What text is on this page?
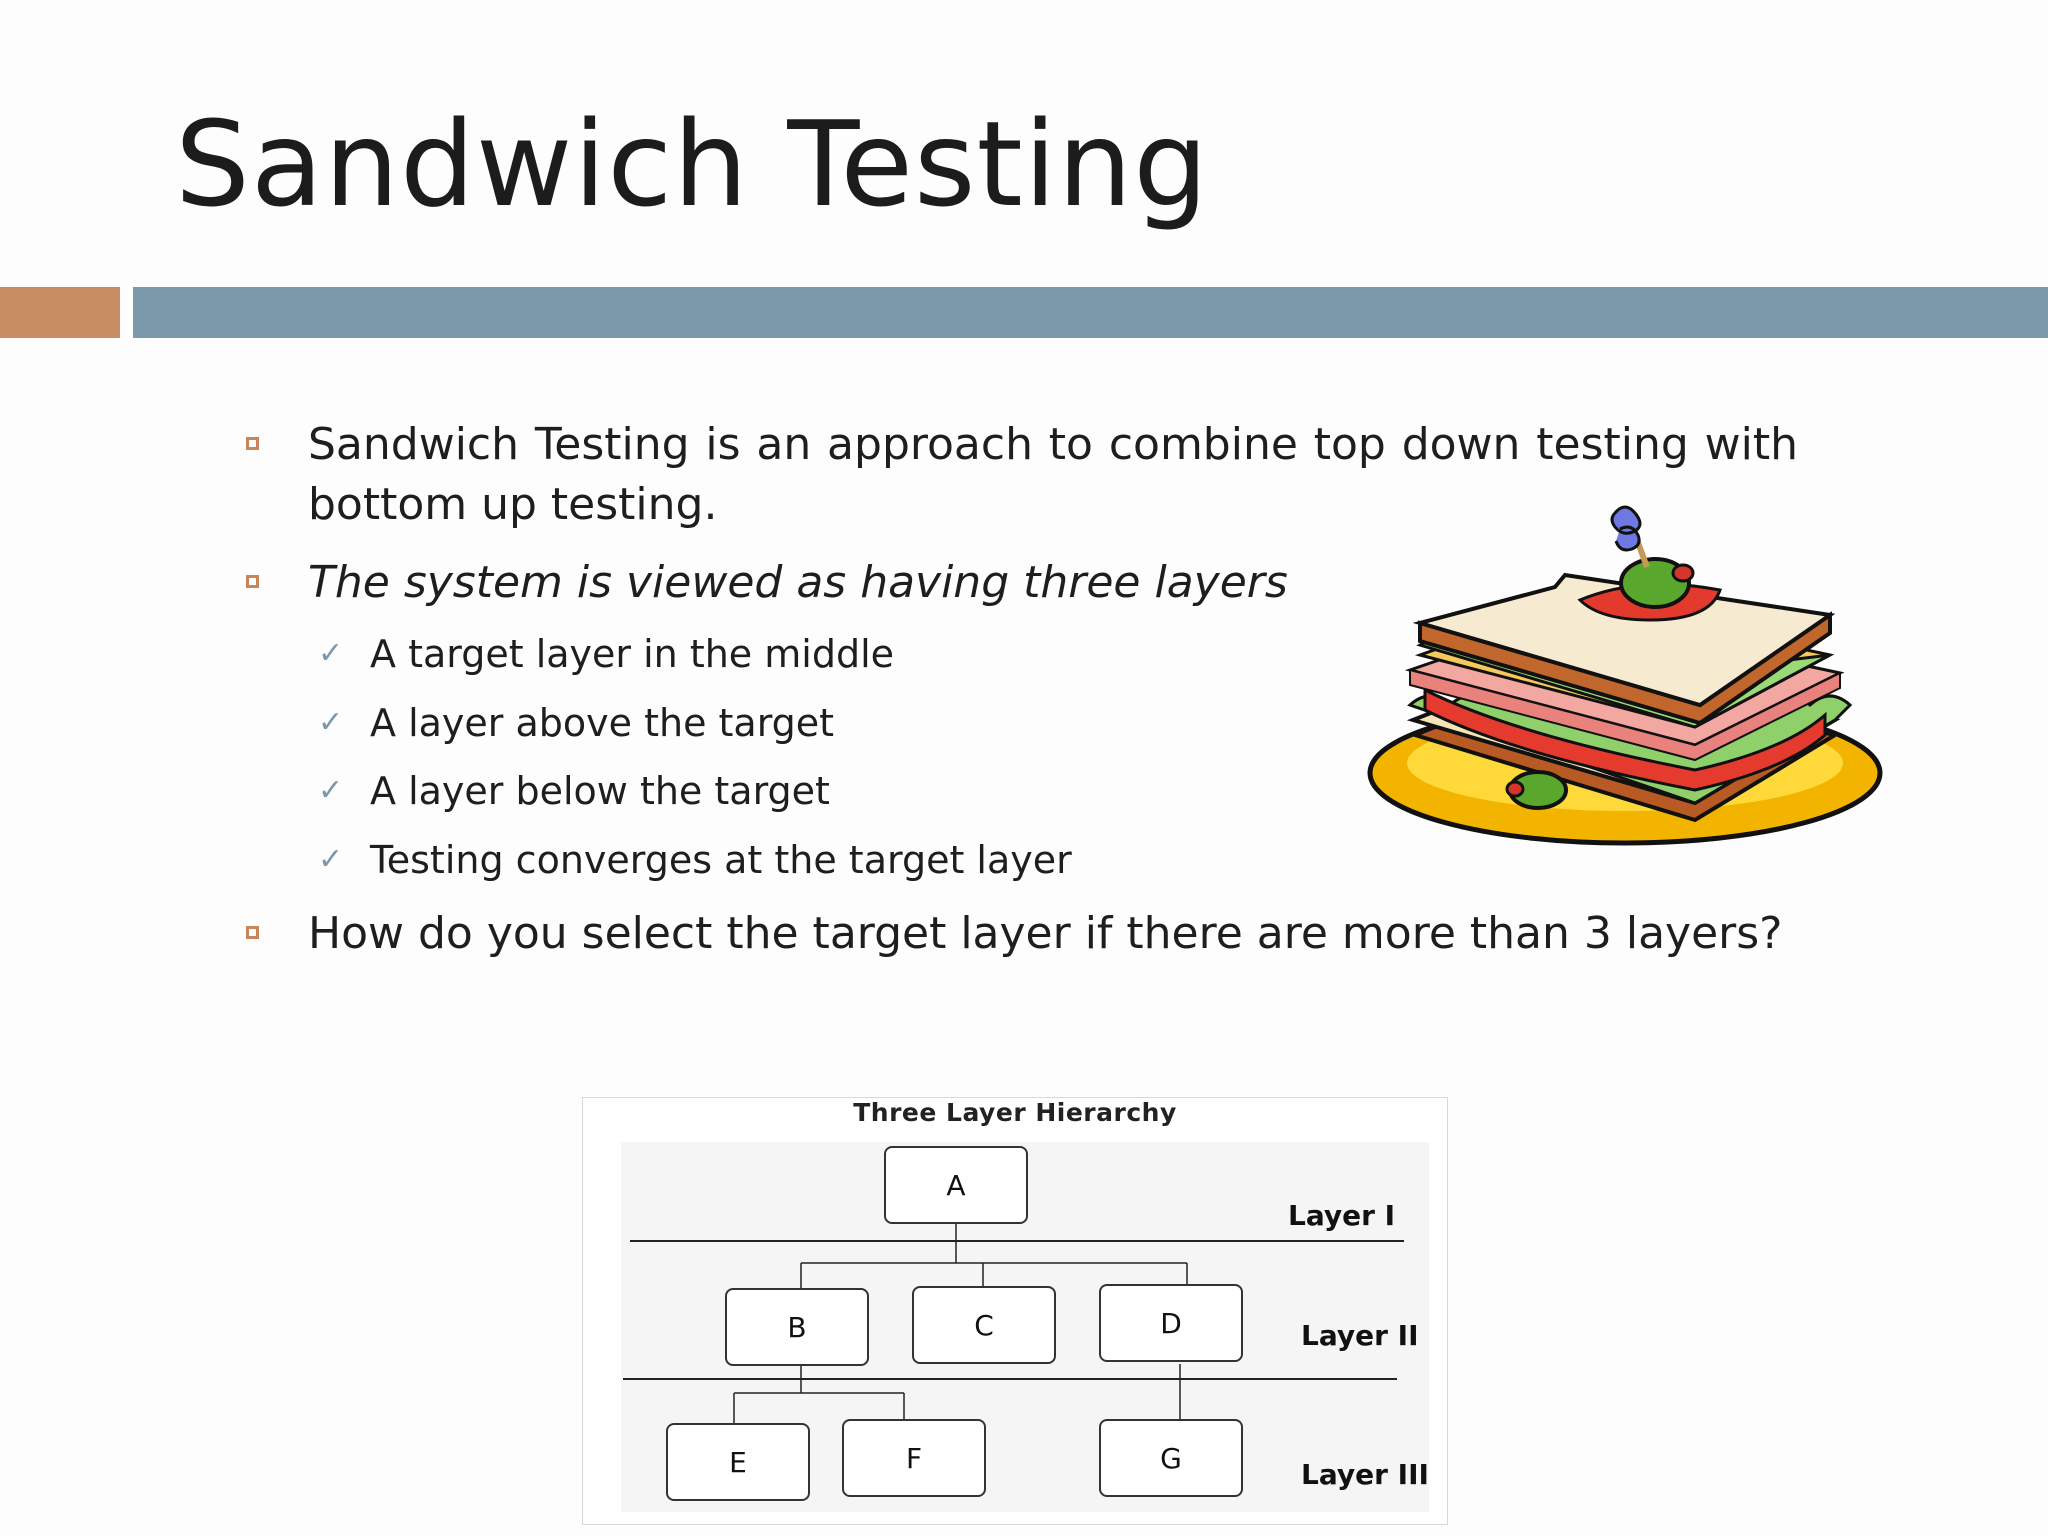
Sandwich Testing
Sandwich Testing is an approach to combine top down testing with bottom up testing.
The system is viewed as having three layers
✓ A target layer in the middle
✓ A layer above the target
✓ A layer below the target
✓ Testing converges at the target layer
How do you select the target layer if there are more than 3 layers?
Three Layer Hierarchy
A
B	C	D
E	F	G
Layer I
Layer II
Layer III
